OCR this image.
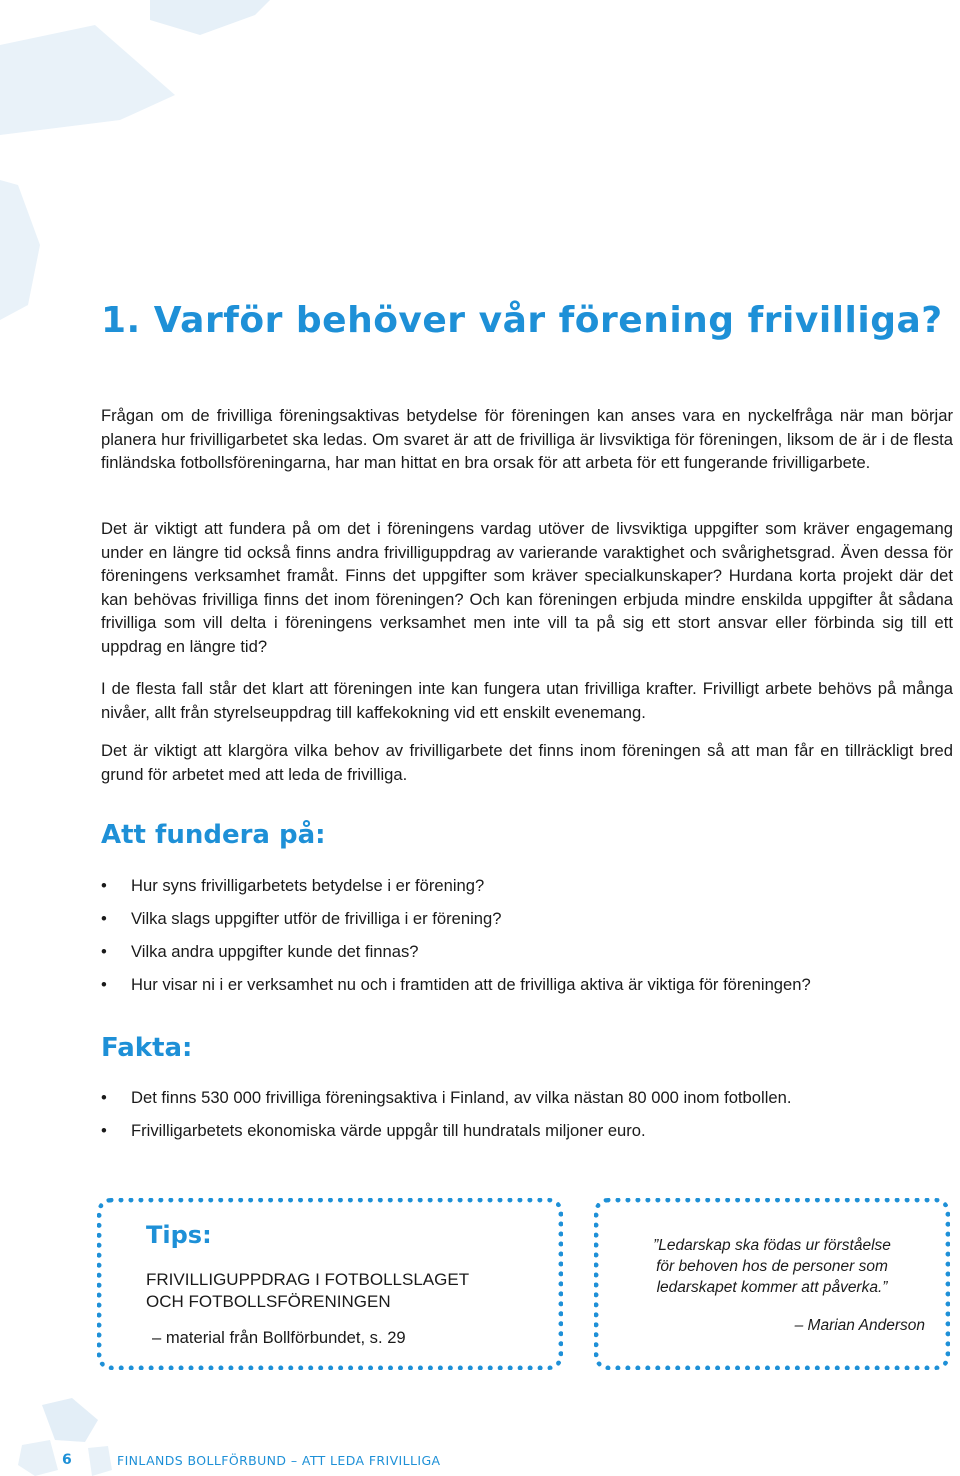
1. Varför behöver vår förening frivilliga?

Frågan om de frivilliga föreningsaktivas betydelse för föreningen kan anses vara en nyckelfråga när man börjar planera hur frivilligarbetet ska ledas. Om svaret är att de frivilliga är livsviktiga för föreningen, liksom de är i de flesta finländska fotbollsföreningarna, har man hittat en bra orsak för att arbeta för ett fungerande frivilligarbete.

Det är viktigt att fundera på om det i föreningens vardag utöver de livsviktiga uppgifter som kräver engagemang under en längre tid också finns andra frivilliguppdrag av varierande varaktighet och svårighetsgrad. Även dessa för föreningens verksamhet framåt. Finns det uppgifter som kräver specialkunskaper? Hurdana korta projekt där det kan behövas frivilliga finns det inom föreningen? Och kan föreningen erbjuda mindre enskilda uppgifter åt sådana frivilliga som vill delta i föreningens verksamhet men inte vill ta på sig ett stort ansvar eller förbinda sig till ett uppdrag en längre tid?

I de flesta fall står det klart att föreningen inte kan fungera utan frivilliga krafter. Frivilligt arbete behövs på många nivåer, allt från styrelseuppdrag till kaffekokning vid ett enskilt evenemang.

Det är viktigt att klargöra vilka behov av frivilligarbete det finns inom föreningen så att man får en tillräckligt bred grund för arbetet med att leda de frivilliga.

Att fundera på:
• Hur syns frivilligarbetets betydelse i er förening?
• Vilka slags uppgifter utför de frivilliga i er förening?
• Vilka andra uppgifter kunde det finnas?
• Hur visar ni i er verksamhet nu och i framtiden att de frivilliga aktiva är viktiga för föreningen?
Fakta:
• Det finns 530 000 frivilliga föreningsaktiva i Finland, av vilka nästan 80 000 inom fotbollen.
• Frivilligarbetets ekonomiska värde uppgår till hundratals miljoner euro.
Tips:
FRIVILLIGUPPDRAG I FOTBOLLSLAGET
OCH FOTBOLLSFÖRENINGEN
– material från Bollförbundet, s. 29
”Ledarskap ska födas ur förståelse
för behoven hos de personer som
ledarskapet kommer att påverka.”
– Marian Anderson
6	FINLANDS BOLLFÖRBUND – ATT LEDA FRIVILLIGA
